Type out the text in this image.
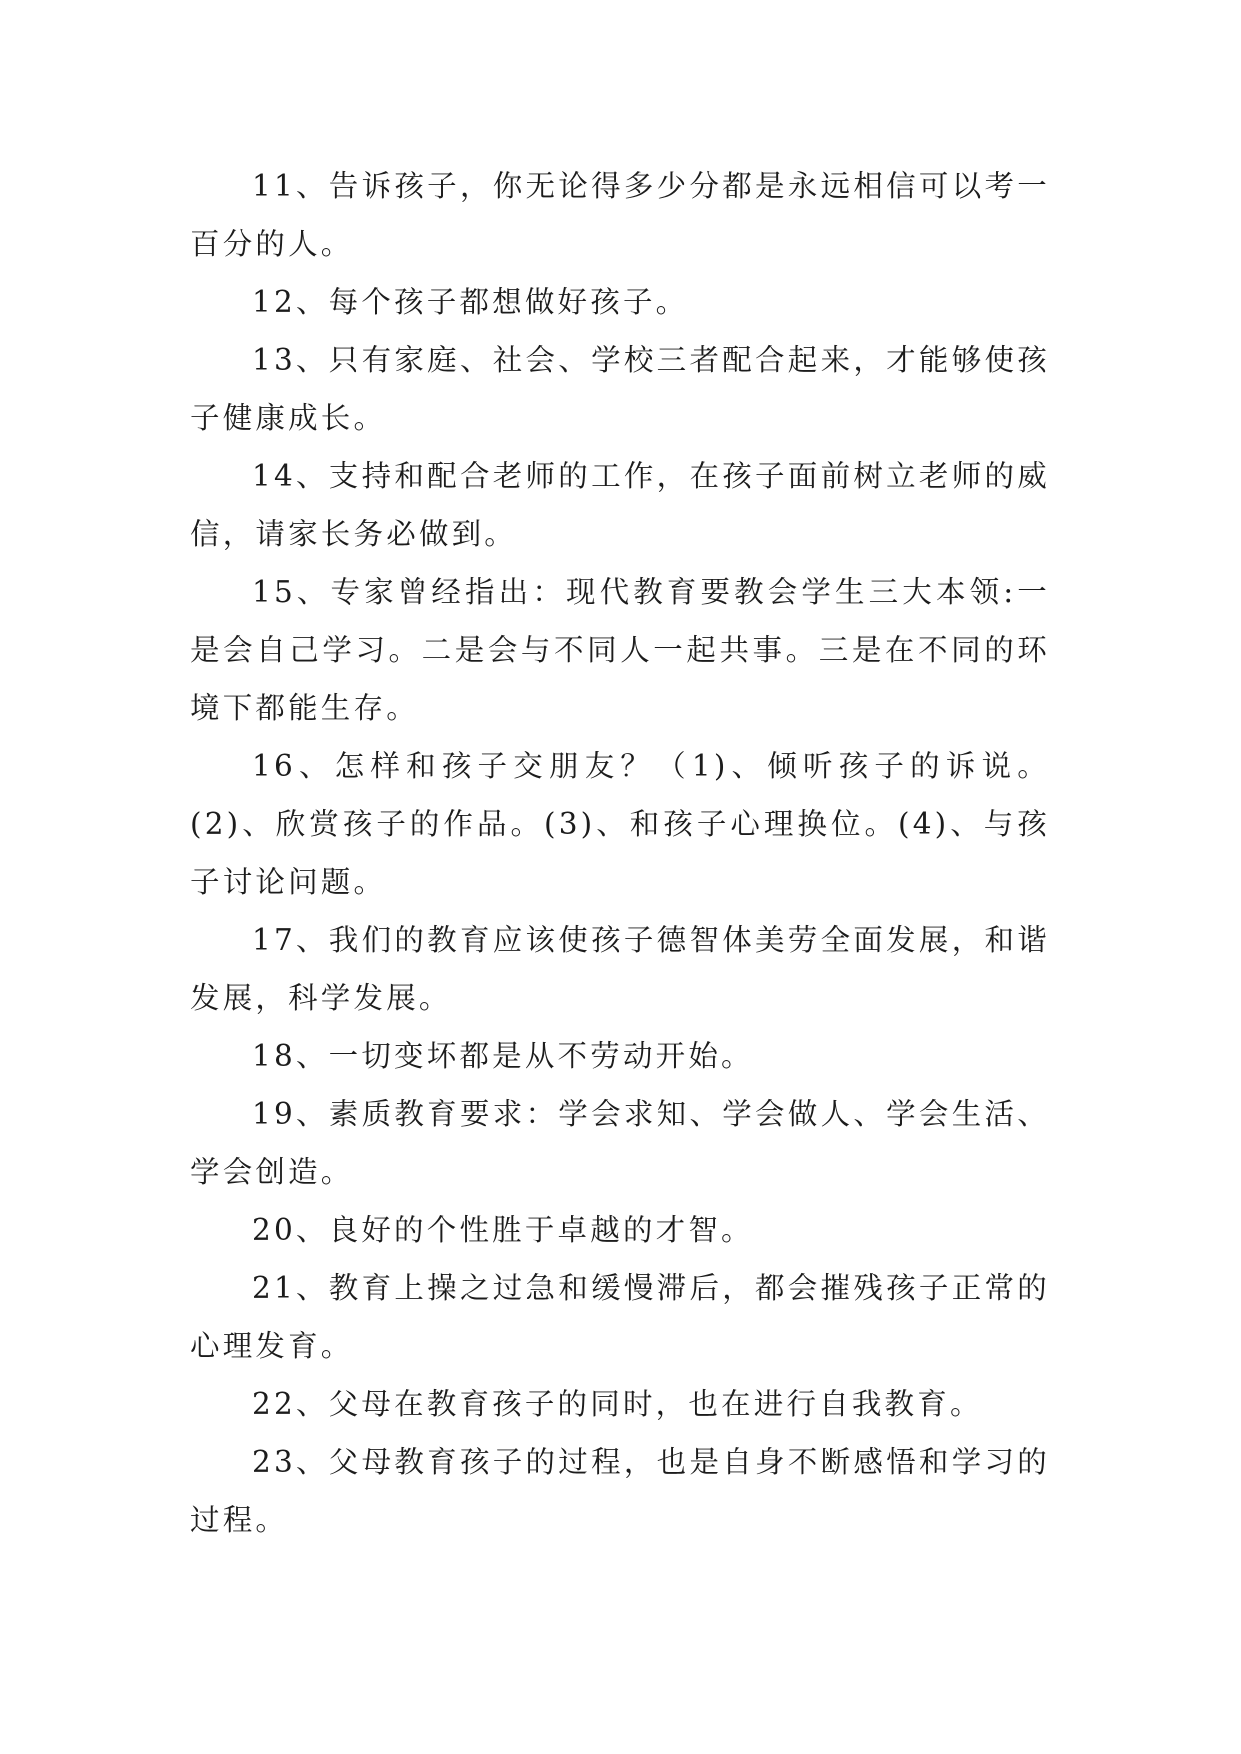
11、告诉孩子，你无论得多少分都是永远相信可以考一百分的人。

12、每个孩子都想做好孩子。

13、只有家庭、社会、学校三者配合起来，才能够使孩子健康成长。

14、支持和配合老师的工作，在孩子面前树立老师的威信，请家长务必做到。

15、专家曾经指出：现代教育要教会学生三大本领:一是会自己学习。二是会与不同人一起共事。三是在不同的环境下都能生存。

16、怎样和孩子交朋友？（1)、倾听孩子的诉说。(2)、欣赏孩子的作品。(3)、和孩子心理换位。(4)、与孩子讨论问题。

17、我们的教育应该使孩子德智体美劳全面发展，和谐发展，科学发展。

18、一切变坏都是从不劳动开始。

19、素质教育要求：学会求知、学会做人、学会生活、学会创造。

20、良好的个性胜于卓越的才智。

21、教育上操之过急和缓慢滞后，都会摧残孩子正常的心理发育。

22、父母在教育孩子的同时，也在进行自我教育。

23、父母教育孩子的过程，也是自身不断感悟和学习的过程。
